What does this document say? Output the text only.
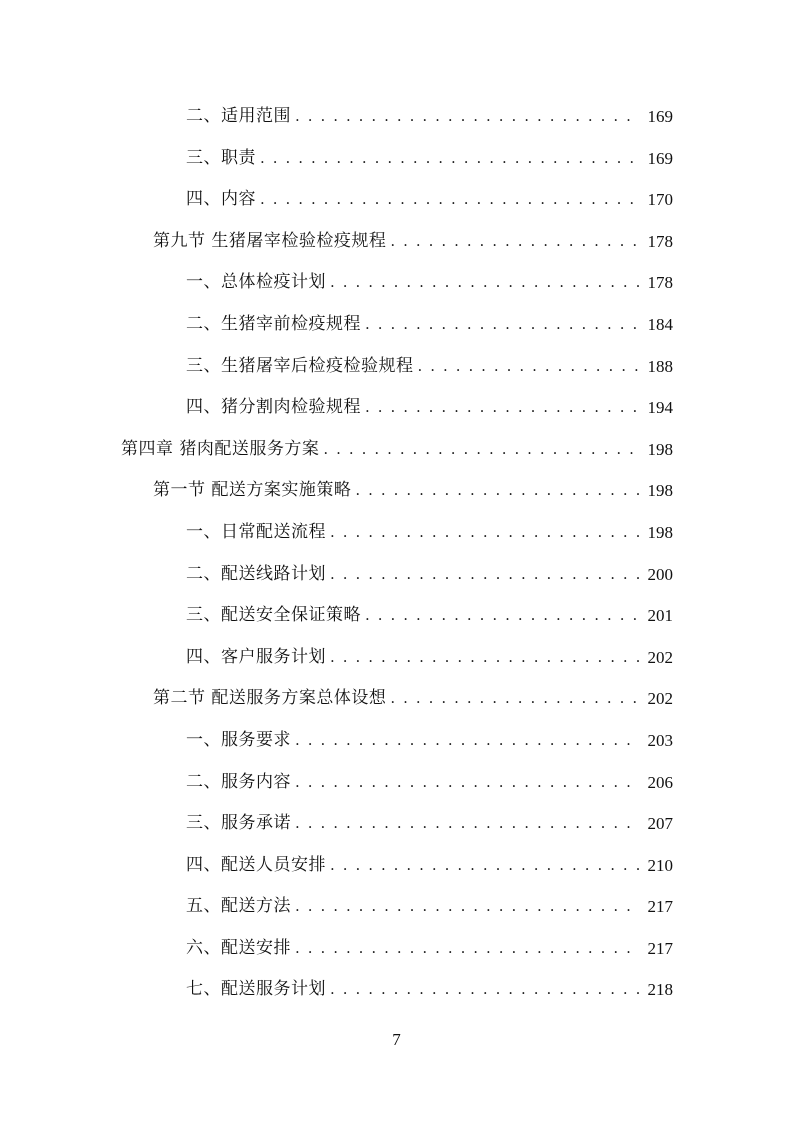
二、适用范围 . . .	169
三、职责 . . .	169
四、内容 . . .	170
第九节 生猪屠宰检验检疫规程 . . .	178
一、总体检疫计划 . . .	178
二、生猪宰前检疫规程 . . .	184
三、生猪屠宰后检疫检验规程 . . .	188
四、猪分割肉检验规程 . . .	194
第四章 猪肉配送服务方案 . . .	198
第一节 配送方案实施策略 . . .	198
一、日常配送流程 . . .	198
二、配送线路计划 . . .	200
三、配送安全保证策略 . . .	201
四、客户服务计划 . . .	202
第二节 配送服务方案总体设想 . . .	202
一、服务要求 . . .	203
二、服务内容 . . .	206
三、服务承诺 . . .	207
四、配送人员安排 . . .	210
五、配送方法 . . .	217
六、配送安排 . . .	217
七、配送服务计划 . . .	218
7
